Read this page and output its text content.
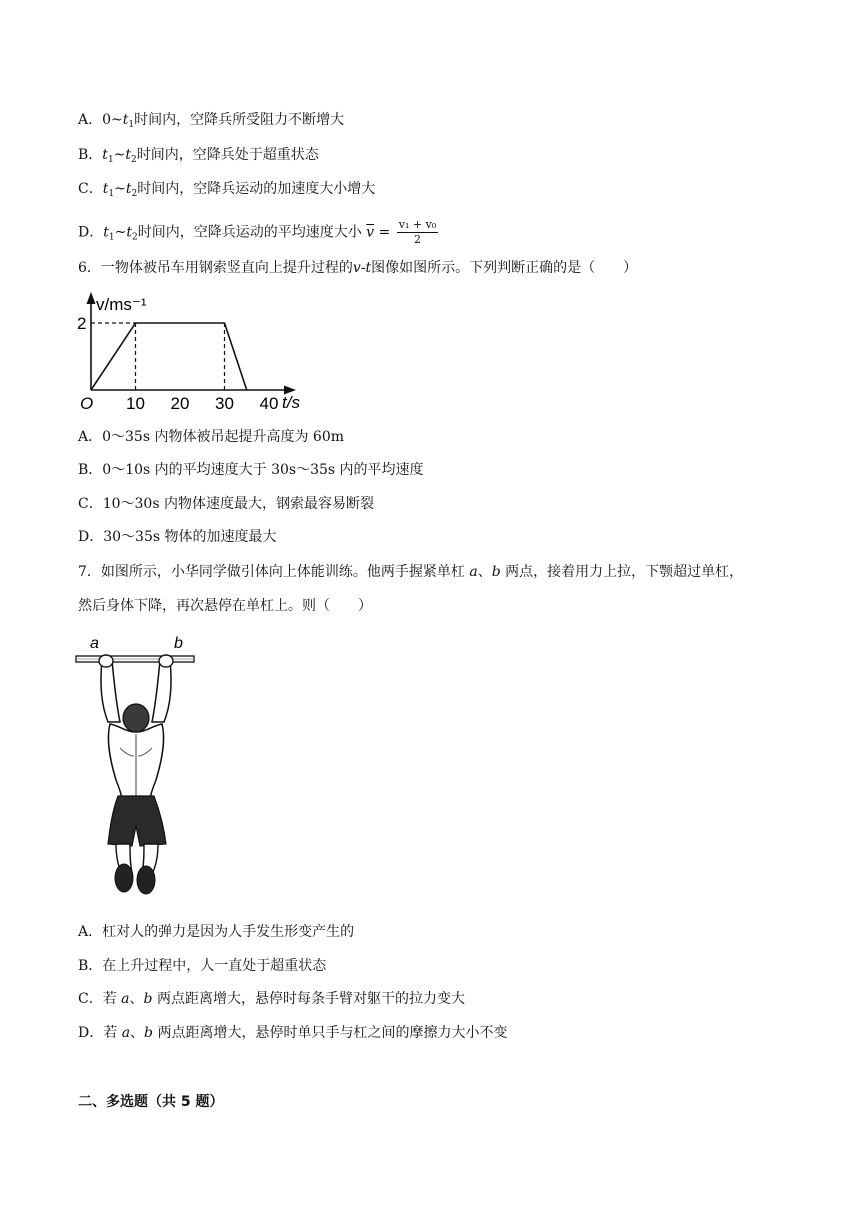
A．$0\sim t_1$时间内，空降兵所受阻力不断增大
B．$t_1\sim t_2$时间内，空降兵处于超重状态
C．$t_1\sim t_2$时间内，空降兵运动的加速度大小增大
D．$t_1\sim t_2$时间内，空降兵运动的平均速度大小 $\overline{v} = \frac{\text{v₁ + v₀}}{2}$
6．一物体被吊车用钢索竖直向上提升过程的v-t图像如图所示。下列判断正确的是（　　）
v/ms⁻¹
t/s
O
2
10 20 30 40
A．0～35s 内物体被吊起提升高度为 60m
B．0～10s 内的平均速度大于 30s～35s 内的平均速度
C．10～30s 内物体速度最大，钢索最容易断裂
D．30～35s 物体的加速度最大
7．如图所示，小华同学做引体向上体能训练。他两手握紧单杠 a、b 两点，接着用力上拉，下颚超过单杠，
然后身体下降，再次悬停在单杠上。则（　　）
a	b
A．杠对人的弹力是因为人手发生形变产生的
B．在上升过程中，人一直处于超重状态
C．若 a、b 两点距离增大，悬停时每条手臂对躯干的拉力变大
D．若 a、b 两点距离增大，悬停时单只手与杠之间的摩擦力大小不变
二、多选题（共 5 题）
